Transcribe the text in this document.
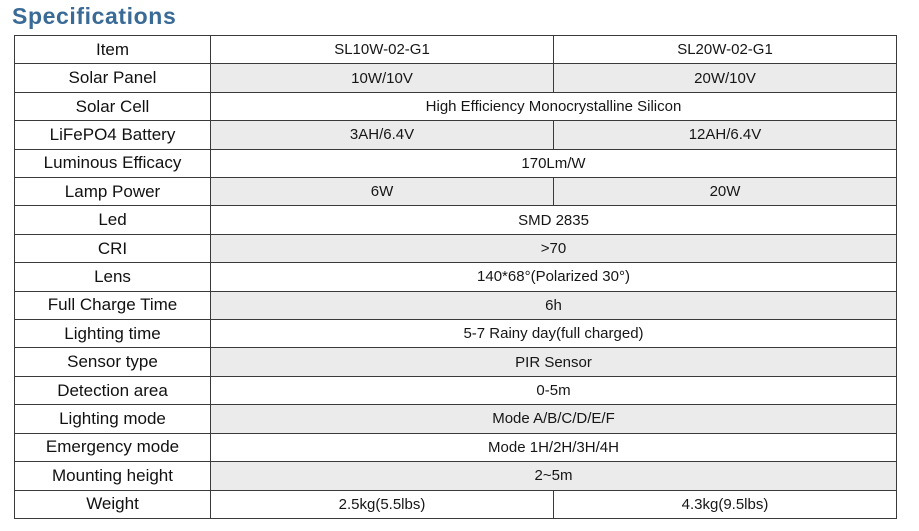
Specifications
Item	SL10W-02-G1	SL20W-02-G1
Solar Panel	10W/10V	20W/10V
Solar Cell	High Efficiency Monocrystalline Silicon	
LiFePO4 Battery	3AH/6.4V	12AH/6.4V
Luminous Efficacy	170Lm/W	
Lamp Power	6W	20W
Led	SMD 2835	
CRI	>70	
Lens	140*68°(Polarized 30°)	
Full Charge Time	6h	
Lighting time	5-7 Rainy day(full charged)	
Sensor type	PIR Sensor	
Detection area	0-5m	
Lighting mode	Mode A/B/C/D/E/F	
Emergency mode	Mode 1H/2H/3H/4H	
Mounting height	2~5m	
Weight	2.5kg(5.5lbs)	4.3kg(9.5lbs)
